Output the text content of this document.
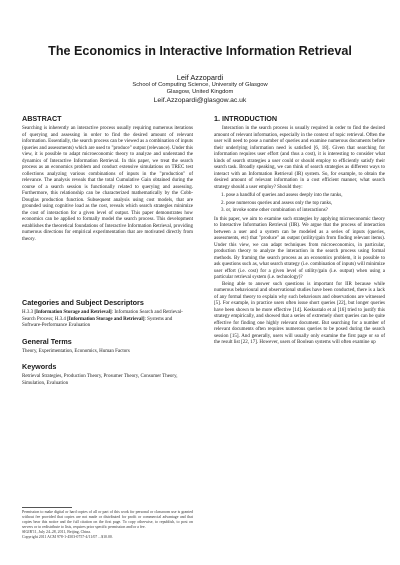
The Economics in Interactive Information Retrieval
Leif Azzopardi
School of Computing Science, University of Glasgow
Glasgow, United Kingdom
Leif.Azzopardi@glasgow.ac.uk
ABSTRACT

Searching is inherently an interactive process usually requiring numerous iterations of querying and assessing in order to find the desired amount of relevant information. Essentially, the search process can be viewed as a combination of inputs (queries and assessments) which are used to "produce" output (relevance). Under this view, it is possible to adapt microeconomic theory to analyze and understand the dynamics of Interactive Information Retrieval. In this paper, we treat the search process as an economics problem and conduct extensive simulations on TREC test collections analyzing various combinations of inputs in the "production" of relevance. The analysis reveals that the total Cumulative Gain obtained during the course of a search session is functionally related to querying and assessing. Furthermore, this relationship can be characterized mathematically by the Cobb-Douglas production function. Subsequent analysis using cost models, that are grounded using cognitive load as the cost, reveals which search strategies minimize the cost of interaction for a given level of output. This paper demonstrates how economics can be applied to formally model the search process. This development establishes the theoretical foundations of Interactive Information Retrieval, providing numerous directions for empirical experimentation that are motivated directly from theory.

Categories and Subject Descriptors

H.3.3 [Information Storage and Retrieval]: Information Search and Retrieval-Search Process; H.3.4 [Information Storage and Retrieval]: Systems and Software-Performance Evaluation

General Terms

Theory, Experimentation, Economics, Human Factors

Keywords

Retrieval Strategies, Production Theory, Prosumer Theory, Consumer Theory, Simulation, Evaluation

Permission to make digital or hard copies of all or part of this work for personal or classroom use is granted without fee provided that copies are not made or distributed for profit or commercial advantage and that copies bear this notice and the full citation on the first page. To copy otherwise, to republish, to post on servers or to redistribute to lists, requires prior specific permission and/or a fee.
SIGIR'11, July 24–28, 2011, Beijing, China.
Copyright 2011 ACM 978-1-4503-0757-4/11/07 ...$10.00.
1. INTRODUCTION

Interaction in the search process is usually required in order to find the desired amount of relevant information, especially in the context of topic retrieval. Often the user will need to pose a number of queries and examine numerous documents before their underlying information need is satisfied [6, 18]. Given that searching for information requires user effort (and thus a cost), it is interesting to consider what kinds of search strategies a user could or should employ to efficiently satisfy their search task. Broadly speaking, we can think of search strategies as different ways to interact with an Information Retrieval (IR) system. So, for example, to obtain the desired amount of relevant information in a cost efficient manner, what search strategy should a user employ? Should they:

1. pose a handful of queries and assess deeply into the ranks,
2. pose numerous queries and assess only the top ranks,
3. or, invoke some other combination of interactions?

In this paper, we aim to examine such strategies by applying microeconomic theory to Interactive Information Retrieval (IIR). We argue that the process of interaction between a user and a system can be modeled as a series of inputs (queries, assessments, etc) that "produce" an output (utility/gain from finding relevant items). Under this view, we can adapt techniques from microeconomics, in particular, production theory to analyze the interaction in the search process using formal methods. By framing the search process as an economics problem, it is possible to ask questions such as, what search strategy (i.e. combination of inputs) will minimize user effort (i.e. cost) for a given level of utility/gain (i.e. output) when using a particular retrieval system (i.e. technology)?

Being able to answer such questions is important for IIR because while numerous behavioural and observational studies have been conducted, there is a lack of any formal theory to explain why such behaviours and observations are witnessed [5]. For example, in practice users often issue short queries [22], but longer queries have been shown to be more effective [14]. Keskustalo et al [16] tried to justify this strategy empirically, and showed that a series of extremely short queries can be quite effective for finding one highly relevant document. But searching for a number of relevant documents often requires numerous queries to be posed during the search session [15]. And generally, users will usually only examine the first page or so of the result list [22, 17]. However, users of Boolean systems will often examine up
